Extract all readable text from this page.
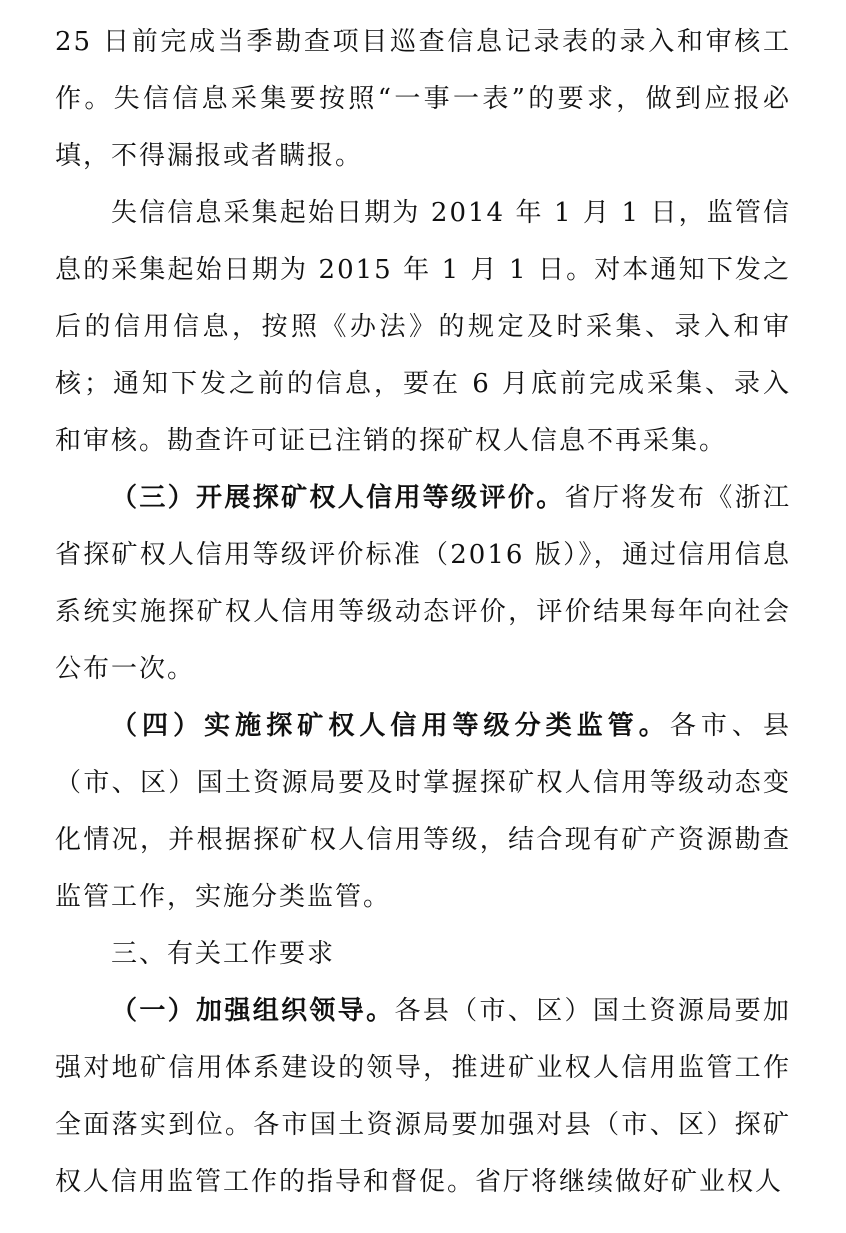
25 日前完成当季勘查项目巡查信息记录表的录入和审核工作。失信信息采集要按照“一事一表”的要求，做到应报必填，不得漏报或者瞒报。

失信信息采集起始日期为 2014 年 1 月 1 日，监管信息的采集起始日期为 2015 年 1 月 1 日。对本通知下发之后的信用信息，按照《办法》的规定及时采集、录入和审核；通知下发之前的信息，要在 6 月底前完成采集、录入和审核。勘查许可证已注销的探矿权人信息不再采集。

（三）开展探矿权人信用等级评价。省厅将发布《浙江省探矿权人信用等级评价标准（2016 版）》，通过信用信息系统实施探矿权人信用等级动态评价，评价结果每年向社会公布一次。

（四）实施探矿权人信用等级分类监管。各市、县（市、区）国土资源局要及时掌握探矿权人信用等级动态变化情况，并根据探矿权人信用等级，结合现有矿产资源勘查监管工作，实施分类监管。

三、有关工作要求

（一）加强组织领导。各县（市、区）国土资源局要加强对地矿信用体系建设的领导，推进矿业权人信用监管工作全面落实到位。各市国土资源局要加强对县（市、区）探矿权人信用监管工作的指导和督促。省厅将继续做好矿业权人
